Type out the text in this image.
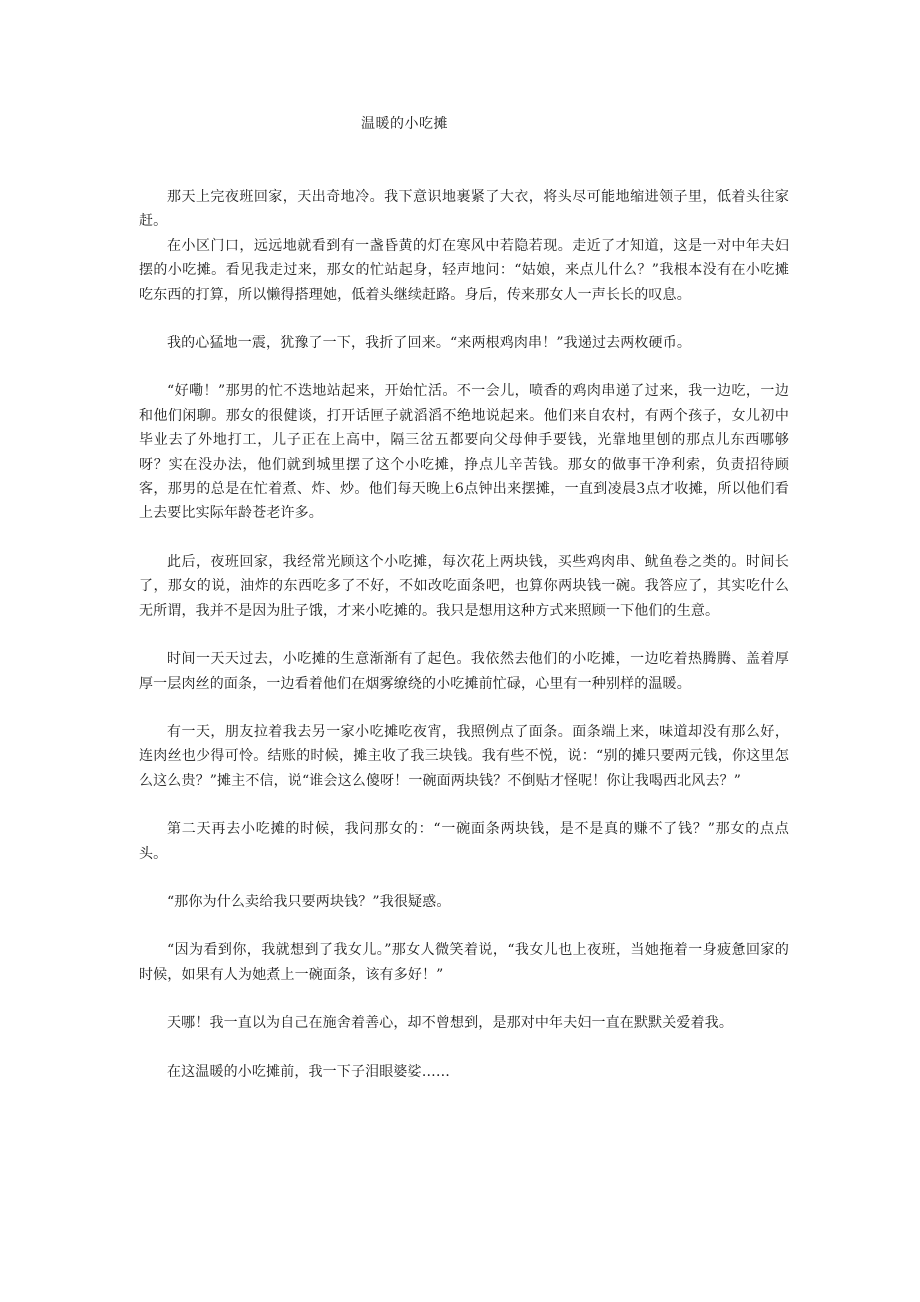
温暖的小吃摊

那天上完夜班回家，天出奇地冷。我下意识地裹紧了大衣，将头尽可能地缩进领子里，低着头往家赶。

在小区门口，远远地就看到有一盏昏黄的灯在寒风中若隐若现。走近了才知道，这是一对中年夫妇摆的小吃摊。看见我走过来，那女的忙站起身，轻声地问：“姑娘，来点儿什么？”我根本没有在小吃摊吃东西的打算，所以懒得搭理她，低着头继续赶路。身后，传来那女人一声长长的叹息。

我的心猛地一震，犹豫了一下，我折了回来。“来两根鸡肉串！”我递过去两枚硬币。

“好嘞！”那男的忙不迭地站起来，开始忙活。不一会儿，喷香的鸡肉串递了过来，我一边吃，一边和他们闲聊。那女的很健谈，打开话匣子就滔滔不绝地说起来。他们来自农村，有两个孩子，女儿初中毕业去了外地打工，儿子正在上高中，隔三岔五都要向父母伸手要钱，光靠地里刨的那点儿东西哪够呀？实在没办法，他们就到城里摆了这个小吃摊，挣点儿辛苦钱。那女的做事干净利索，负责招待顾客，那男的总是在忙着煮、炸、炒。他们每天晚上6点钟出来摆摊，一直到凌晨3点才收摊，所以他们看上去要比实际年龄苍老许多。

此后，夜班回家，我经常光顾这个小吃摊，每次花上两块钱，买些鸡肉串、鱿鱼卷之类的。时间长了，那女的说，油炸的东西吃多了不好，不如改吃面条吧，也算你两块钱一碗。我答应了，其实吃什么无所谓，我并不是因为肚子饿，才来小吃摊的。我只是想用这种方式来照顾一下他们的生意。

时间一天天过去，小吃摊的生意渐渐有了起色。我依然去他们的小吃摊，一边吃着热腾腾、盖着厚厚一层肉丝的面条，一边看着他们在烟雾缭绕的小吃摊前忙碌，心里有一种别样的温暖。

有一天，朋友拉着我去另一家小吃摊吃夜宵，我照例点了面条。面条端上来，味道却没有那么好，连肉丝也少得可怜。结账的时候，摊主收了我三块钱。我有些不悦，说：“别的摊只要两元钱，你这里怎么这么贵？”摊主不信，说“谁会这么傻呀！一碗面两块钱？不倒贴才怪呢！你让我喝西北风去？”

第二天再去小吃摊的时候，我问那女的：“一碗面条两块钱，是不是真的赚不了钱？”那女的点点头。

“那你为什么卖给我只要两块钱？”我很疑惑。

“因为看到你，我就想到了我女儿。”那女人微笑着说，“我女儿也上夜班，当她拖着一身疲惫回家的时候，如果有人为她煮上一碗面条，该有多好！”

天哪！我一直以为自己在施舍着善心，却不曾想到，是那对中年夫妇一直在默默关爱着我。

在这温暖的小吃摊前，我一下子泪眼婆娑……
